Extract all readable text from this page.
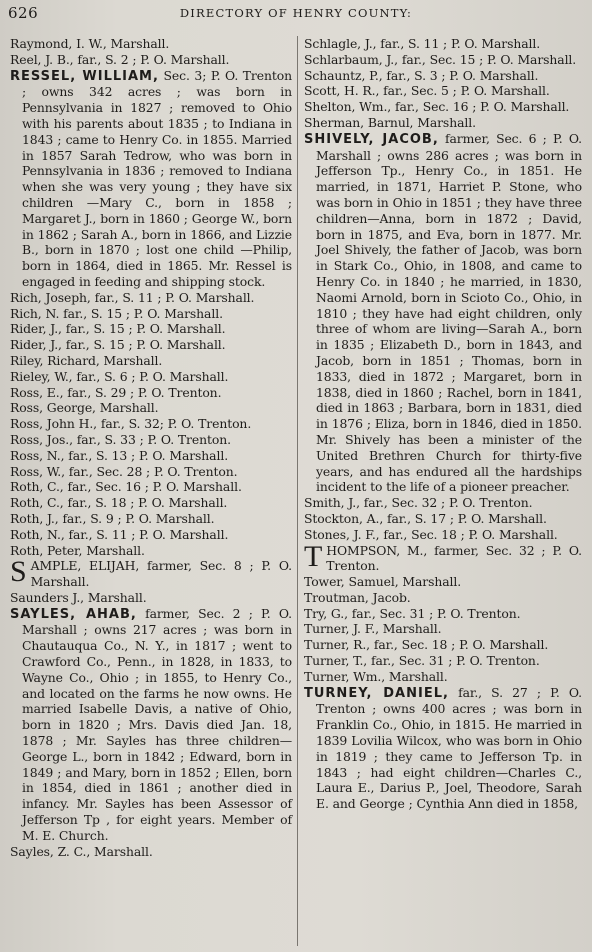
626	DIRECTORY OF HENRY COUNTY:

Raymond, I. W., Marshall.

Reel, J. B., far., S. 2 ; P. O. Marshall.

RESSEL, WILLIAM, Sec. 3; P. O. Trenton ; owns 342 acres ; was born in Pennsylvania in 1827 ; removed to Ohio with his parents about 1835 ; to Indiana in 1843 ; came to Henry Co. in 1855. Married in 1857 Sarah Tedrow, who was born in Pennsylvania in 1836 ; removed to Indiana when she was very young ; they have six children —Mary C., born in 1858 ; Margaret J., born in 1860 ; George W., born in 1862 ; Sarah A., born in 1866, and Lizzie B., born in 1870 ; lost one child —Philip, born in 1864, died in 1865. Mr. Ressel is engaged in feeding and shipping stock.

Rich, Joseph, far., S. 11 ; P. O. Marshall.

Rich, N. far., S. 15 ; P. O. Marshall.

Rider, J., far., S. 15 ; P. O. Marshall.

Rider, J., far., S. 15 ; P. O. Marshall.

Riley, Richard, Marshall.

Rieley, W., far., S. 6 ; P. O. Marshall.

Ross, E., far., S. 29 ; P. O. Trenton.

Ross, George, Marshall.

Ross, John H., far., S. 32; P. O. Trenton.

Ross, Jos., far., S. 33 ; P. O. Trenton.

Ross, N., far., S. 13 ; P. O. Marshall.

Ross, W., far., Sec. 28 ; P. O. Trenton.

Roth, C., far., Sec. 16 ; P. O. Marshall.

Roth, C., far., S. 18 ; P. O. Marshall.

Roth, J., far., S. 9 ; P. O. Marshall.

Roth, N., far., S. 11 ; P. O. Marshall.

Roth, Peter, Marshall.

SAMPLE, ELIJAH, farmer, Sec. 8 ; P. O. Marshall.

Saunders J., Marshall.

SAYLES, AHAB, farmer, Sec. 2 ; P. O. Marshall ; owns 217 acres ; was born in Chautauqua Co., N. Y., in 1817 ; went to Crawford Co., Penn., in 1828, in 1833, to Wayne Co., Ohio ; in 1855, to Henry Co., and located on the farms he now owns. He married Isabelle Davis, a native of Ohio, born in 1820 ; Mrs. Davis died Jan. 18, 1878 ; Mr. Sayles has three children—George L., born in 1842 ; Edward, born in 1849 ; and Mary, born in 1852 ; Ellen, born in 1854, died in 1861 ; another died in infancy. Mr. Sayles has been Assessor of Jefferson Tp , for eight years. Member of M. E. Church.

Sayles, Z. C., Marshall.

Schlagle, J., far., S. 11 ; P. O. Marshall.

Schlarbaum, J., far., Sec. 15 ; P. O. Marshall.

Schauntz, P., far., S. 3 ; P. O. Marshall.

Scott, H. R., far., Sec. 5 ; P. O. Marshall.

Shelton, Wm., far., Sec. 16 ; P. O. Marshall.

Sherman, Barnul, Marshall.

SHIVELY, JACOB, farmer, Sec. 6 ; P. O. Marshall ; owns 286 acres ; was born in Jefferson Tp., Henry Co., in 1851. He married, in 1871, Harriet P. Stone, who was born in Ohio in 1851 ; they have three children—Anna, born in 1872 ; David, born in 1875, and Eva, born in 1877. Mr. Joel Shively, the father of Jacob, was born in Stark Co., Ohio, in 1808, and came to Henry Co. in 1840 ; he married, in 1830, Naomi Arnold, born in Scioto Co., Ohio, in 1810 ; they have had eight children, only three of whom are living—Sarah A., born in 1835 ; Elizabeth D., born in 1843, and Jacob, born in 1851 ; Thomas, born in 1833, died in 1872 ; Margaret, born in 1838, died in 1860 ; Rachel, born in 1841, died in 1863 ; Barbara, born in 1831, died in 1876 ; Eliza, born in 1846, died in 1850. Mr. Shively has been a minister of the United Brethren Church for thirty-five years, and has endured all the hardships incident to the life of a pioneer preacher.

Smith, J., far., Sec. 32 ; P. O. Trenton.

Stockton, A., far., S. 17 ; P. O. Marshall.

Stones, J. F., far., Sec. 18 ; P. O. Marshall.

THOMPSON, M., farmer, Sec. 32 ; P. O. Trenton.

Tower, Samuel, Marshall.

Troutman, Jacob.

Try, G., far., Sec. 31 ; P. O. Trenton.

Turner, J. F., Marshall.

Turner, R., far., Sec. 18 ; P. O. Marshall.

Turner, T., far., Sec. 31 ; P. O. Trenton.

Turner, Wm., Marshall.

TURNEY, DANIEL, far., S. 27 ; P. O. Trenton ; owns 400 acres ; was born in Franklin Co., Ohio, in 1815. He married in 1839 Lovilia Wilcox, who was born in Ohio in 1819 ; they came to Jefferson Tp. in 1843 ; had eight children—Charles C., Laura E., Darius P., Joel, Theodore, Sarah E. and George ; Cynthia Ann died in 1858,
